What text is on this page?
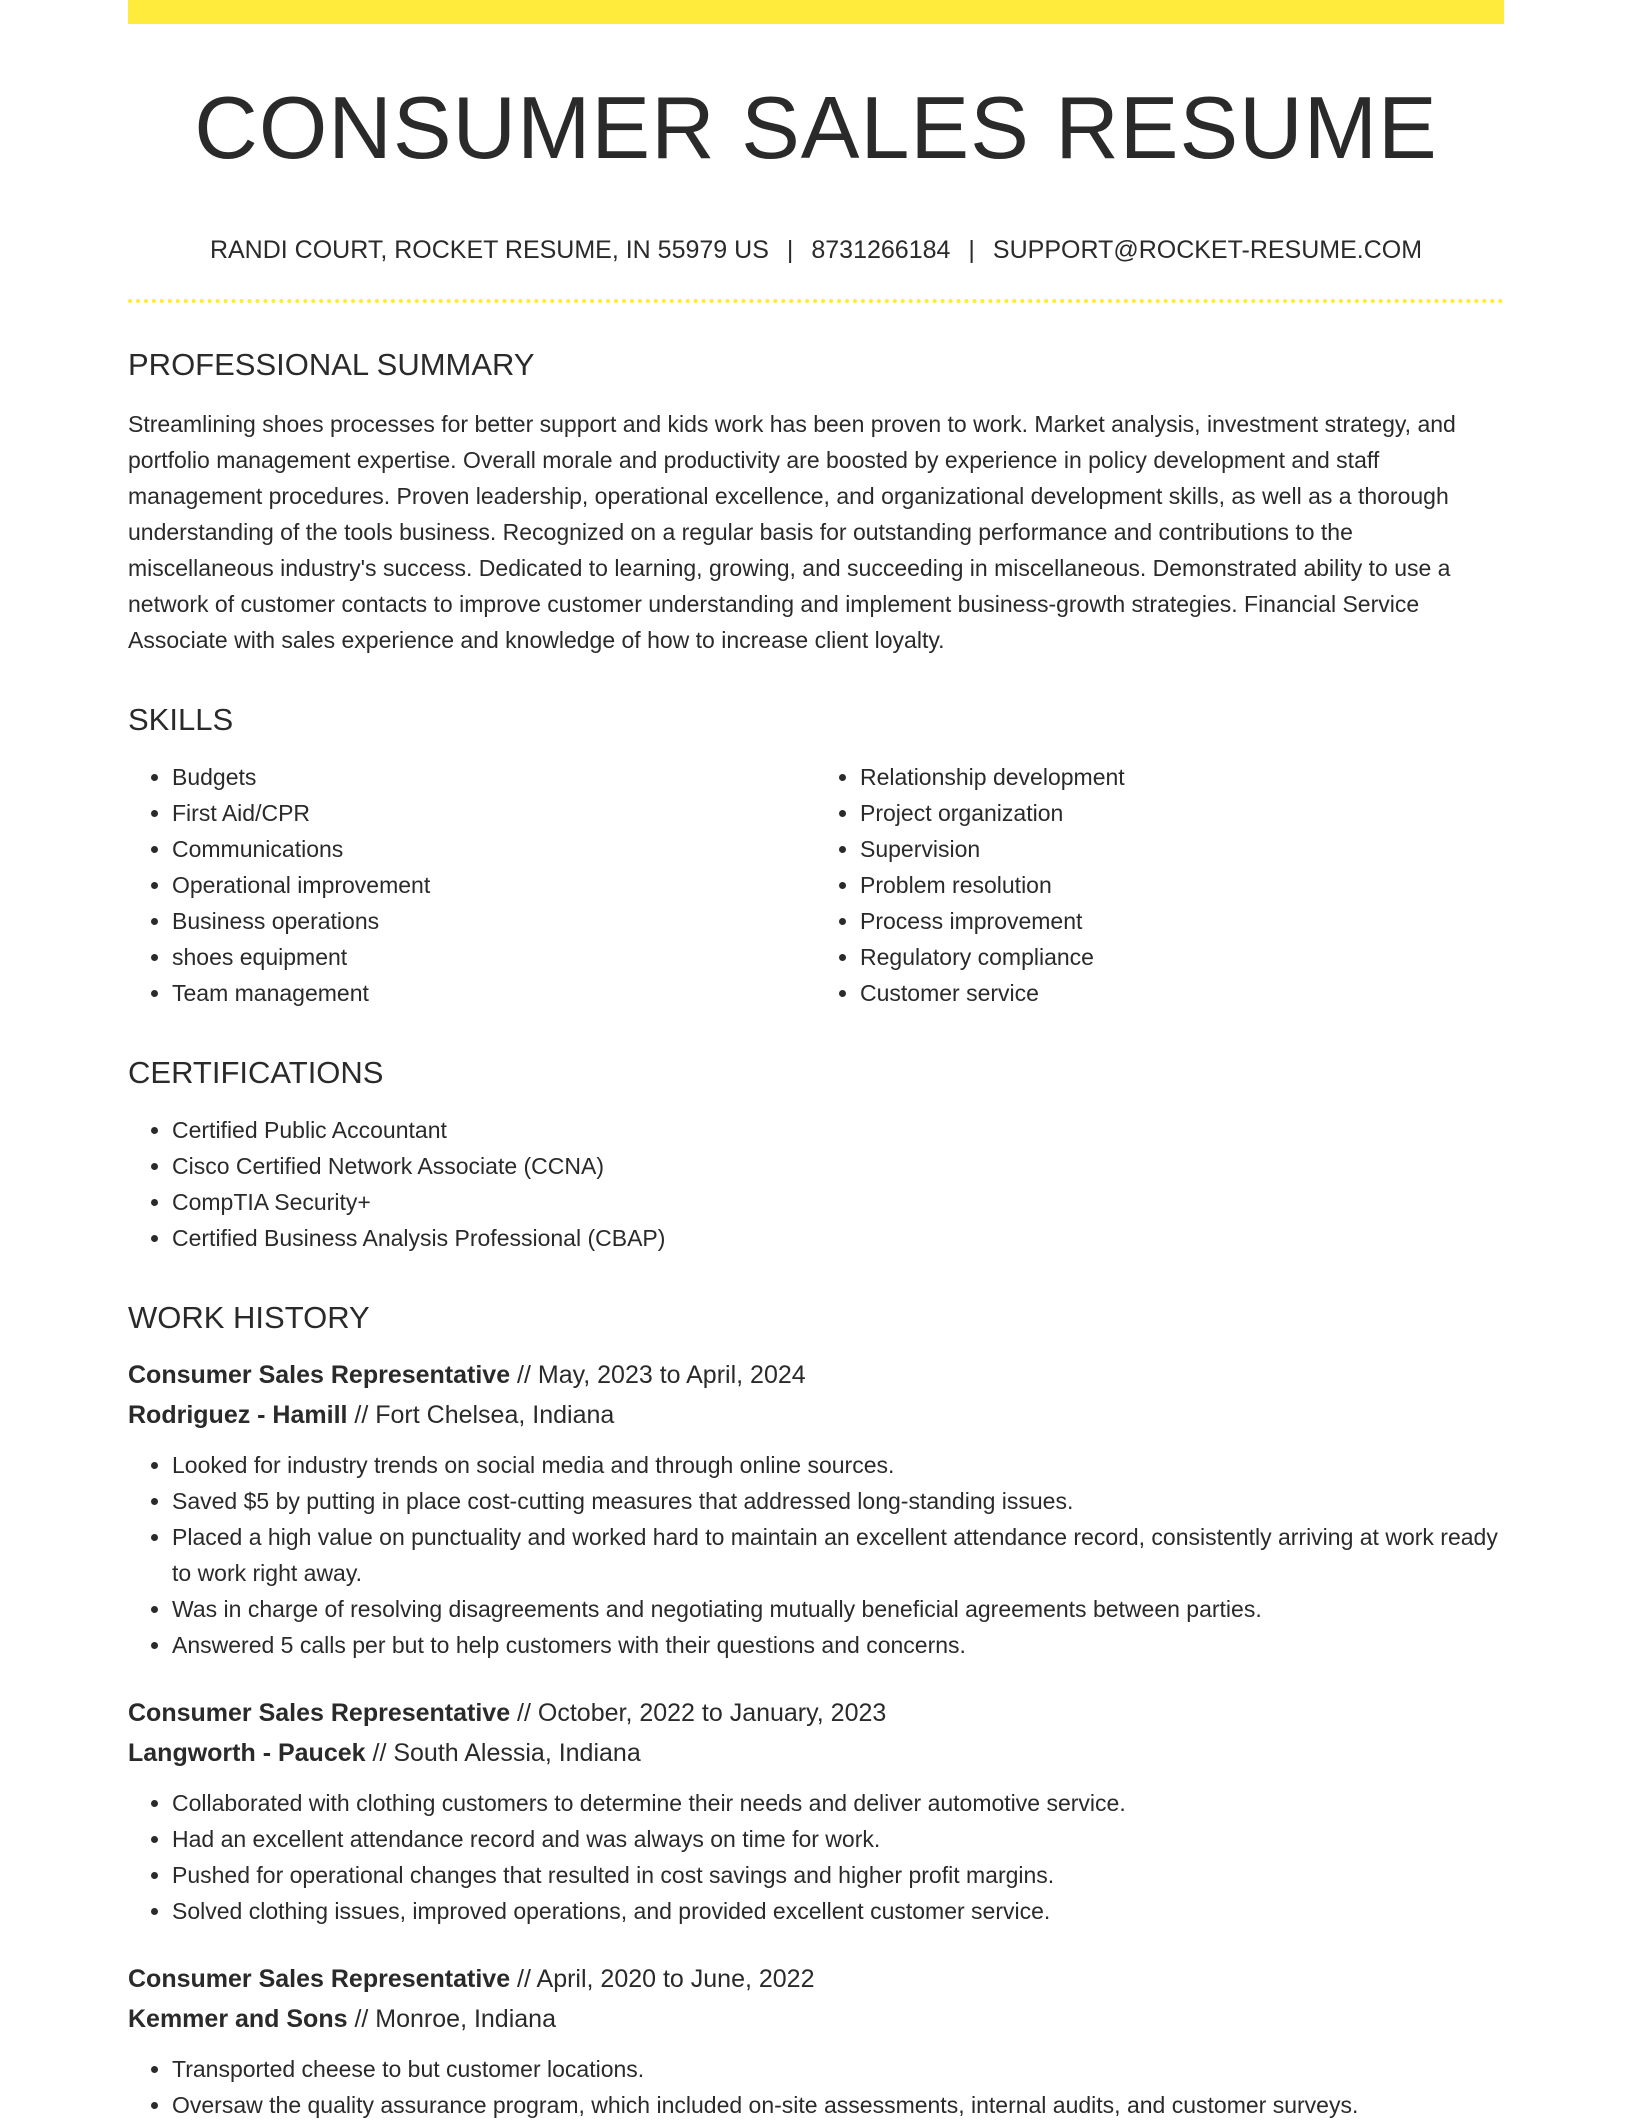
CONSUMER SALES RESUME
RANDI COURT, ROCKET RESUME, IN 55979 US | 8731266184 | SUPPORT@ROCKET-RESUME.COM
PROFESSIONAL SUMMARY
Streamlining shoes processes for better support and kids work has been proven to work. Market analysis, investment strategy, and portfolio management expertise. Overall morale and productivity are boosted by experience in policy development and staff management procedures. Proven leadership, operational excellence, and organizational development skills, as well as a thorough understanding of the tools business. Recognized on a regular basis for outstanding performance and contributions to the miscellaneous industry's success. Dedicated to learning, growing, and succeeding in miscellaneous. Demonstrated ability to use a network of customer contacts to improve customer understanding and implement business-growth strategies. Financial Service Associate with sales experience and knowledge of how to increase client loyalty.
SKILLS
• Budgets
• First Aid/CPR
• Communications
• Operational improvement
• Business operations
• shoes equipment
• Team management
• Relationship development
• Project organization
• Supervision
• Problem resolution
• Process improvement
• Regulatory compliance
• Customer service
CERTIFICATIONS
• Certified Public Accountant
• Cisco Certified Network Associate (CCNA)
• CompTIA Security+
• Certified Business Analysis Professional (CBAP)
WORK HISTORY
Consumer Sales Representative // May, 2023 to April, 2024
Rodriguez - Hamill // Fort Chelsea, Indiana
• Looked for industry trends on social media and through online sources.
• Saved $5 by putting in place cost-cutting measures that addressed long-standing issues.
• Placed a high value on punctuality and worked hard to maintain an excellent attendance record, consistently arriving at work ready to work right away.
• Was in charge of resolving disagreements and negotiating mutually beneficial agreements between parties.
• Answered 5 calls per but to help customers with their questions and concerns.
Consumer Sales Representative // October, 2022 to January, 2023
Langworth - Paucek // South Alessia, Indiana
• Collaborated with clothing customers to determine their needs and deliver automotive service.
• Had an excellent attendance record and was always on time for work.
• Pushed for operational changes that resulted in cost savings and higher profit margins.
• Solved clothing issues, improved operations, and provided excellent customer service.
Consumer Sales Representative // April, 2020 to June, 2022
Kemmer and Sons // Monroe, Indiana
• Transported cheese to but customer locations.
• Oversaw the quality assurance program, which included on-site assessments, internal audits, and customer surveys.
